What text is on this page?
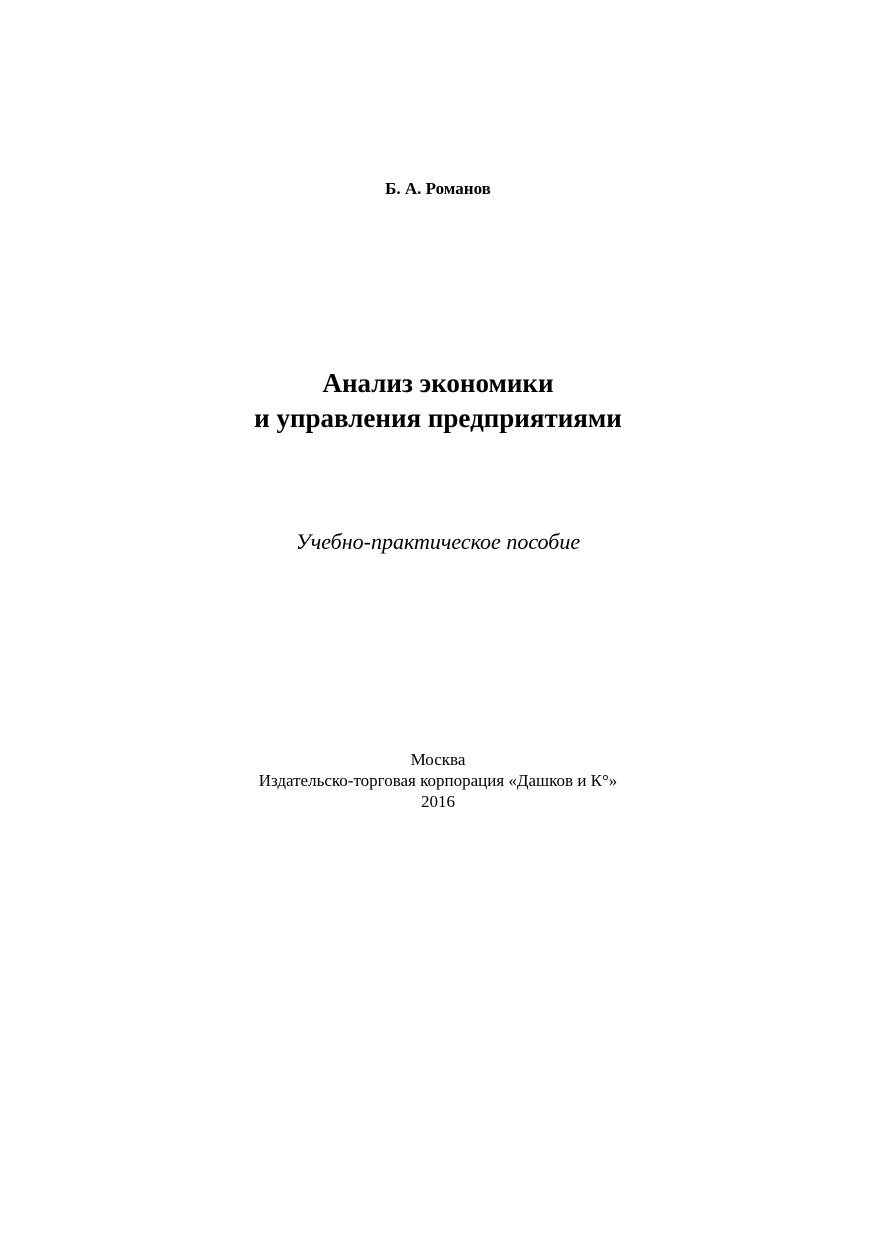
Б. А. Романов
Анализ экономики
и управления предприятиями
Учебно-практическое пособие
Москва
Издательско-торговая корпорация «Дашков и К°»
2016
